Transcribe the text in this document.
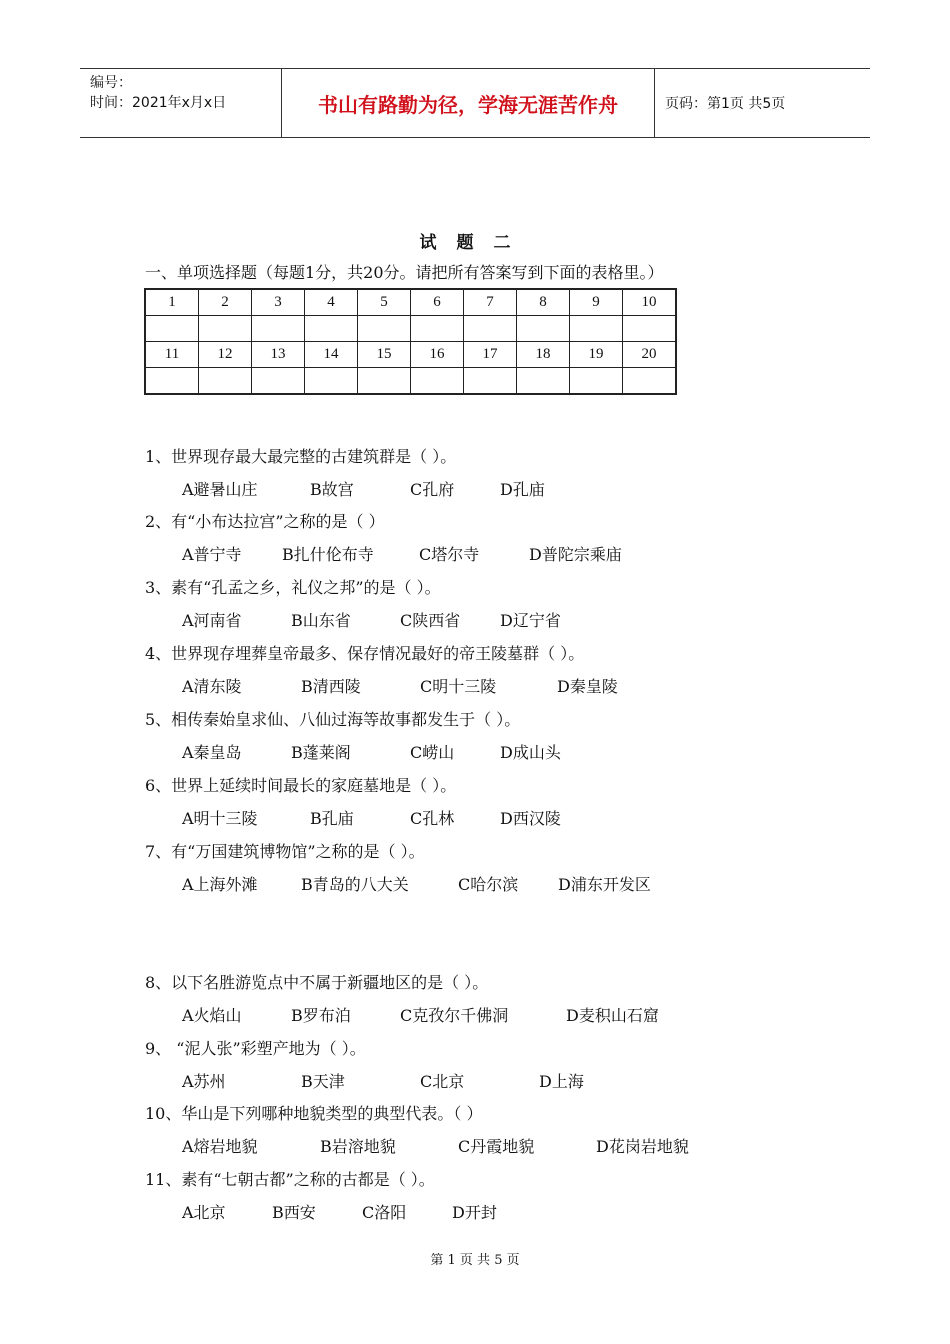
编号：
时间：2021年x月x日	书山有路勤为径，学海无涯苦作舟	页码：第1页 共5页
试题二
一、单项选择题（每题1分，共20分。请把所有答案写到下面的表格里。）
1	2	3	4	5	6	7	8	9	10

11	12	13	14	15	16	17	18	19	20

1、世界现存最大最完整的古建筑群是（ ）。
A避暑山庄	B故宫	C孔府	D孔庙
2、有“小布达拉宫”之称的是（ ）
A普宁寺	B扎什伦布寺	C塔尔寺	D普陀宗乘庙
3、素有“孔孟之乡，礼仪之邦”的是（ ）。
A河南省	B山东省	C陕西省 D辽宁省
4、世界现存埋葬皇帝最多、保存情况最好的帝王陵墓群（ ）。
A清东陵	B清西陵	C明十三陵	D秦皇陵
5、相传秦始皇求仙、八仙过海等故事都发生于（ ）。
A秦皇岛	B蓬莱阁	C崂山	D成山头
6、世界上延续时间最长的家庭墓地是（ ）。
A明十三陵	B孔庙	C孔林	D西汉陵
7、有“万国建筑博物馆”之称的是（ ）。
A上海外滩	B青岛的八大关	C哈尔滨 D浦东开发区
8、以下名胜游览点中不属于新疆地区的是（ ）。
A火焰山	B罗布泊	C克孜尔千佛洞	D麦积山石窟
9、 “泥人张”彩塑产地为（ ）。
A苏州	B天津	C北京	D上海
10、华山是下列哪种地貌类型的典型代表。（ ）
A熔岩地貌	B岩溶地貌	C丹霞地貌	D花岗岩地貌
11、素有“七朝古都”之称的古都是（ ）。
A北京	B西安	C洛阳	D开封
第 1 页 共 5 页
